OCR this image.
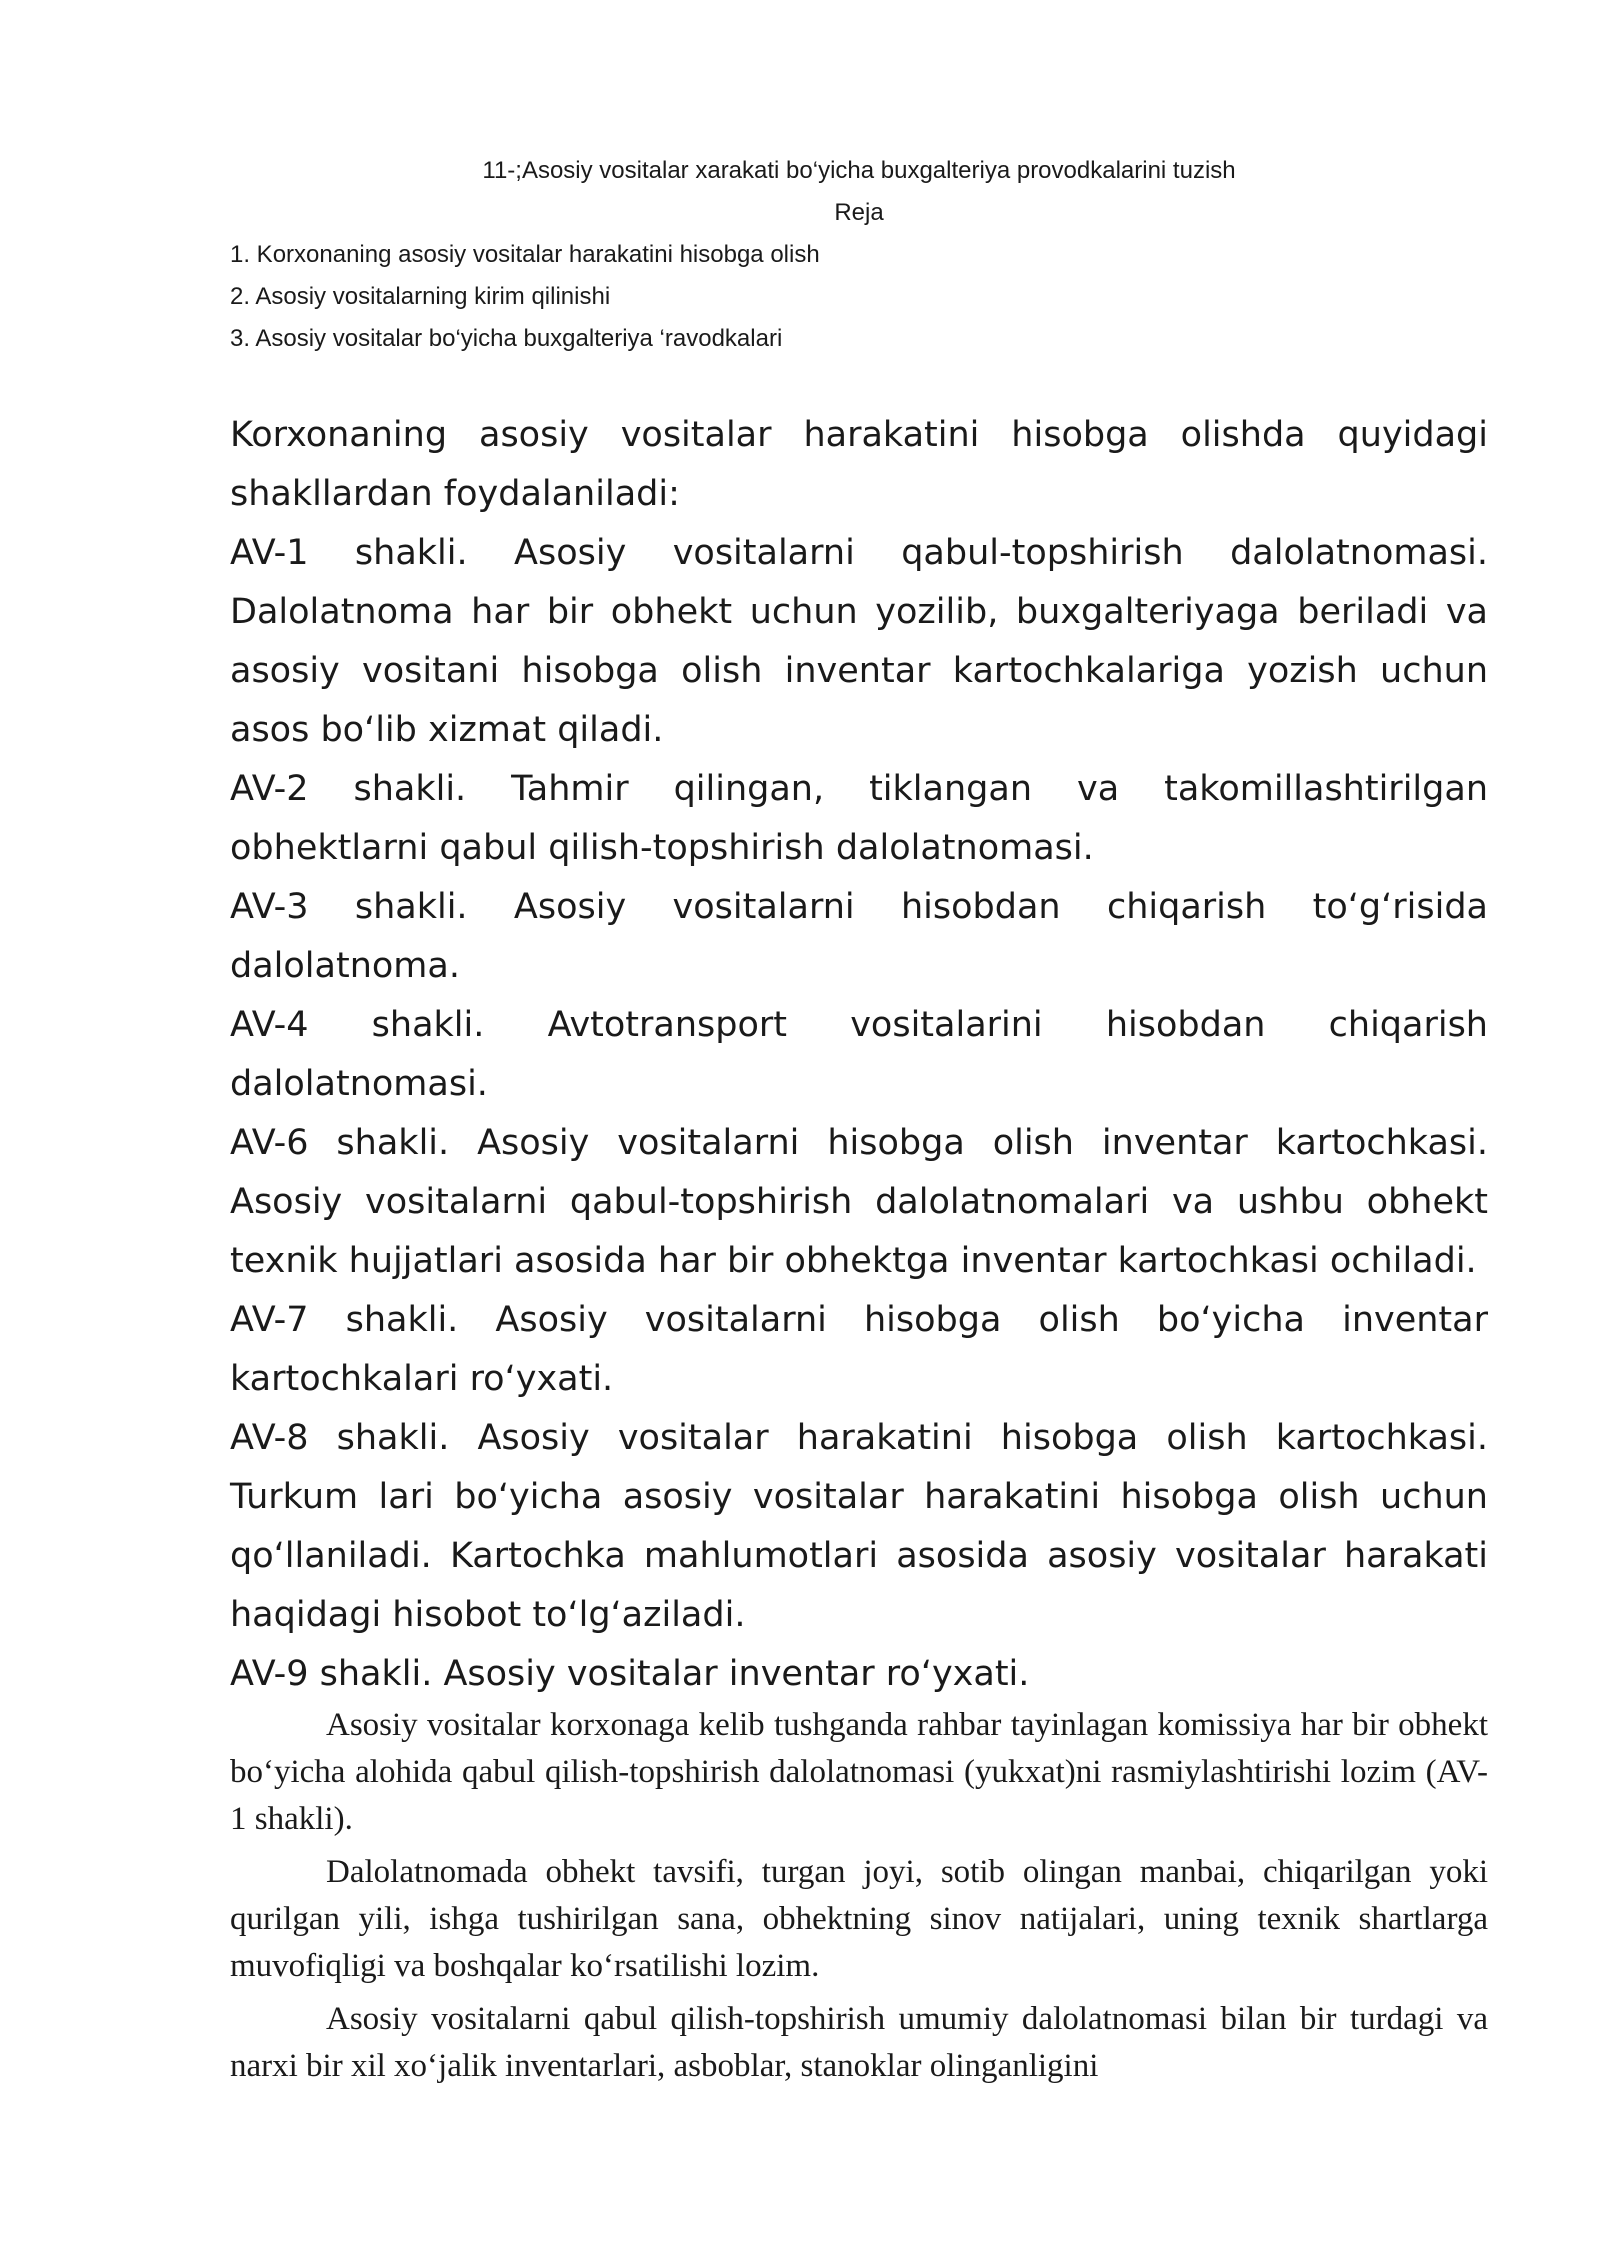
11-;Asosiy vositalar xarakati bo‘yicha buxgalteriya provodkalarini tuzish
Reja
1. Korxonaning asosiy vositalar harakatini hisobga olish
2. Asosiy vositalarning kirim qilinishi
3. Asosiy vositalar bo‘yicha buxgalteriya ‘ravodkalari

Korxonaning asosiy vositalar harakatini hisobga olishda quyidagi shakllardan foydalaniladi:

AV-1 shakli. Asosiy vositalarni qabul-topshirish dalolatnomasi. Dalolatnoma har bir obhekt uchun yozilib, buxgalteriyaga beriladi va asosiy vositani hisobga olish inventar kartochkalariga yozish uchun asos bo‘lib xizmat qiladi.

AV-2 shakli. Tahmir qilingan, tiklangan va takomillashtirilgan obhektlarni qabul qilish-topshirish dalolatnomasi.

AV-3 shakli. Asosiy vositalarni hisobdan chiqarish to‘g‘risida dalolatnoma.

AV-4 shakli. Avtotransport vositalarini hisobdan chiqarish dalolatnomasi.

AV-6 shakli. Asosiy vositalarni hisobga olish inventar kartochkasi. Asosiy vositalarni qabul-topshirish dalolatnomalari va ushbu obhekt texnik hujjatlari asosida har bir obhektga inventar kartochkasi ochiladi.

AV-7 shakli. Asosiy vositalarni hisobga olish bo‘yicha inventar kartochkalari ro‘yxati.

AV-8 shakli. Asosiy vositalar harakatini hisobga olish kartochkasi. Turkum lari bo‘yicha asosiy vositalar harakatini hisobga olish uchun qo‘llaniladi. Kartochka mahlumotlari asosida asosiy vositalar harakati haqidagi hisobot to‘lg‘aziladi.

AV-9 shakli. Asosiy vositalar inventar ro‘yxati.

Asosiy vositalar korxonaga kelib tushganda rahbar tayinlagan komissiya har bir obhekt bo‘yicha alohida qabul qilish-topshirish dalolatnomasi (yukxat)ni rasmiylashtirishi lozim (AV-1 shakli).

Dalolatnomada obhekt tavsifi, turgan joyi, sotib olingan manbai, chiqarilgan yoki qurilgan yili, ishga tushirilgan sana, obhektning sinov natijalari, uning texnik shartlarga muvofiqligi va boshqalar ko‘rsatilishi lozim.

Asosiy vositalarni qabul qilish-topshirish umumiy dalolatnomasi bilan bir turdagi va narxi bir xil xo‘jalik inventarlari, asboblar, stanoklar olinganligini
